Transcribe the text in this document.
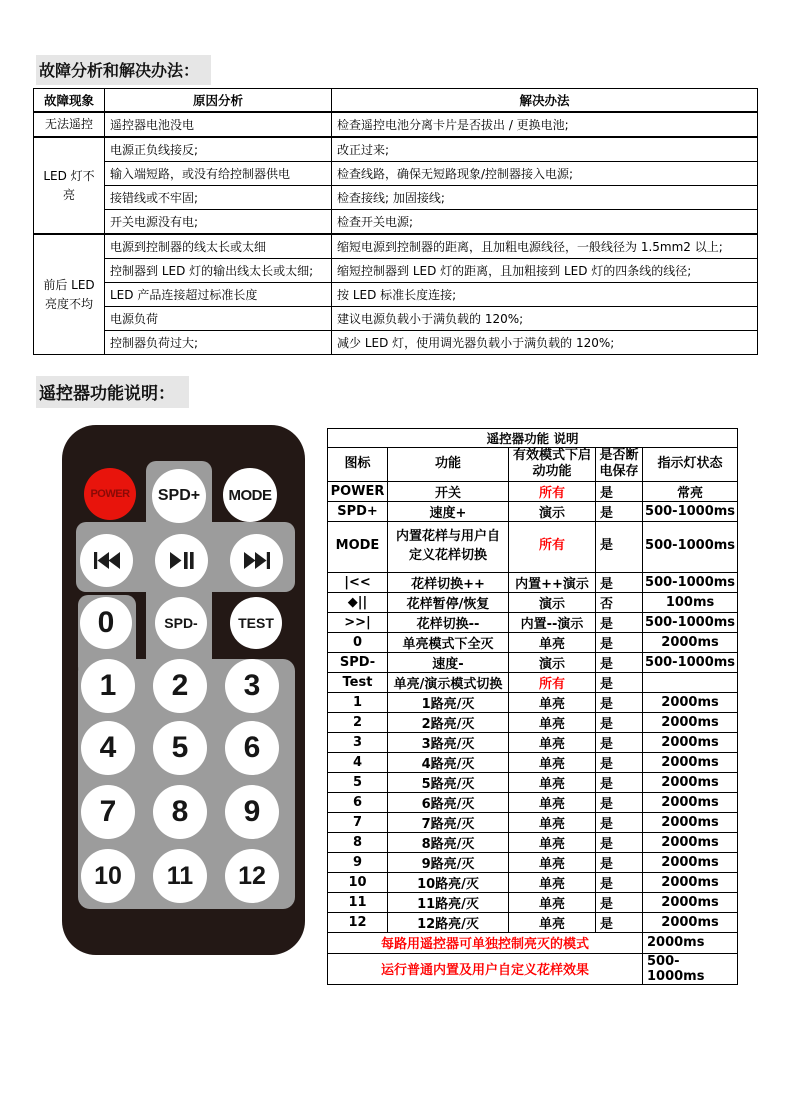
故障分析和解决办法：
故障现象	原因分析	解决办法
无法遥控	遥控器电池没电	检查遥控电池分离卡片是否拔出 / 更换电池;
LED 灯不亮	电源正负线接反;	改正过来;
	输入端短路，或没有给控制器供电	检查线路，确保无短路现象/控制器接入电源;
	接错线或不牢固;	检查接线; 加固接线;
	开关电源没有电;	检查开关电源;
前后 LED 亮度不均	电源到控制器的线太长或太细	缩短电源到控制器的距离，且加粗电源线径，一般线径为 1.5mm2 以上;
	控制器到 LED 灯的输出线太长或太细;	缩短控制器到 LED 灯的距离，且加粗接到 LED 灯的四条线的线径;
	LED 产品连接超过标准长度	按 LED 标准长度连接;
	电源负荷	建议电源负载小于满负载的 120%;
	控制器负荷过大;	减少 LED 灯，使用调光器负载小于满负载的 120%;
遥控器功能说明：
POWER	SPD+	MODE
0	SPD-	TEST
1	2	3
4	5	6
7	8	9
10	11	12
遥控器功能 说明				
图标	功能	有效模式下启动功能	是否断电保存	指示灯状态
POWER	开关	所有	是	常亮
SPD+	速度+	演示	是	500-1000ms
MODE	内置花样与用户自定义花样切换	所有	是	500-1000ms
|<<	花样切换++	内置++演示	是	500-1000ms
◆||	花样暂停/恢复	演示	否	100ms
>>|	花样切换--	内置--演示	是	500-1000ms
0	单亮模式下全灭	单亮	是	2000ms
SPD-	速度-	演示	是	500-1000ms
Test	单亮/演示模式切换	所有	是	
1	1路亮/灭	单亮	是	2000ms
2	2路亮/灭	单亮	是	2000ms
3	3路亮/灭	单亮	是	2000ms
4	4路亮/灭	单亮	是	2000ms
5	5路亮/灭	单亮	是	2000ms
6	6路亮/灭	单亮	是	2000ms
7	7路亮/灭	单亮	是	2000ms
8	8路亮/灭	单亮	是	2000ms
9	9路亮/灭	单亮	是	2000ms
10	10路亮/灭	单亮	是	2000ms
11	11路亮/灭	单亮	是	2000ms
12	12路亮/灭	单亮	是	2000ms
每路用遥控器可单独控制亮灭的模式				2000ms
运行普通内置及用户自定义花样效果				500-1000ms
